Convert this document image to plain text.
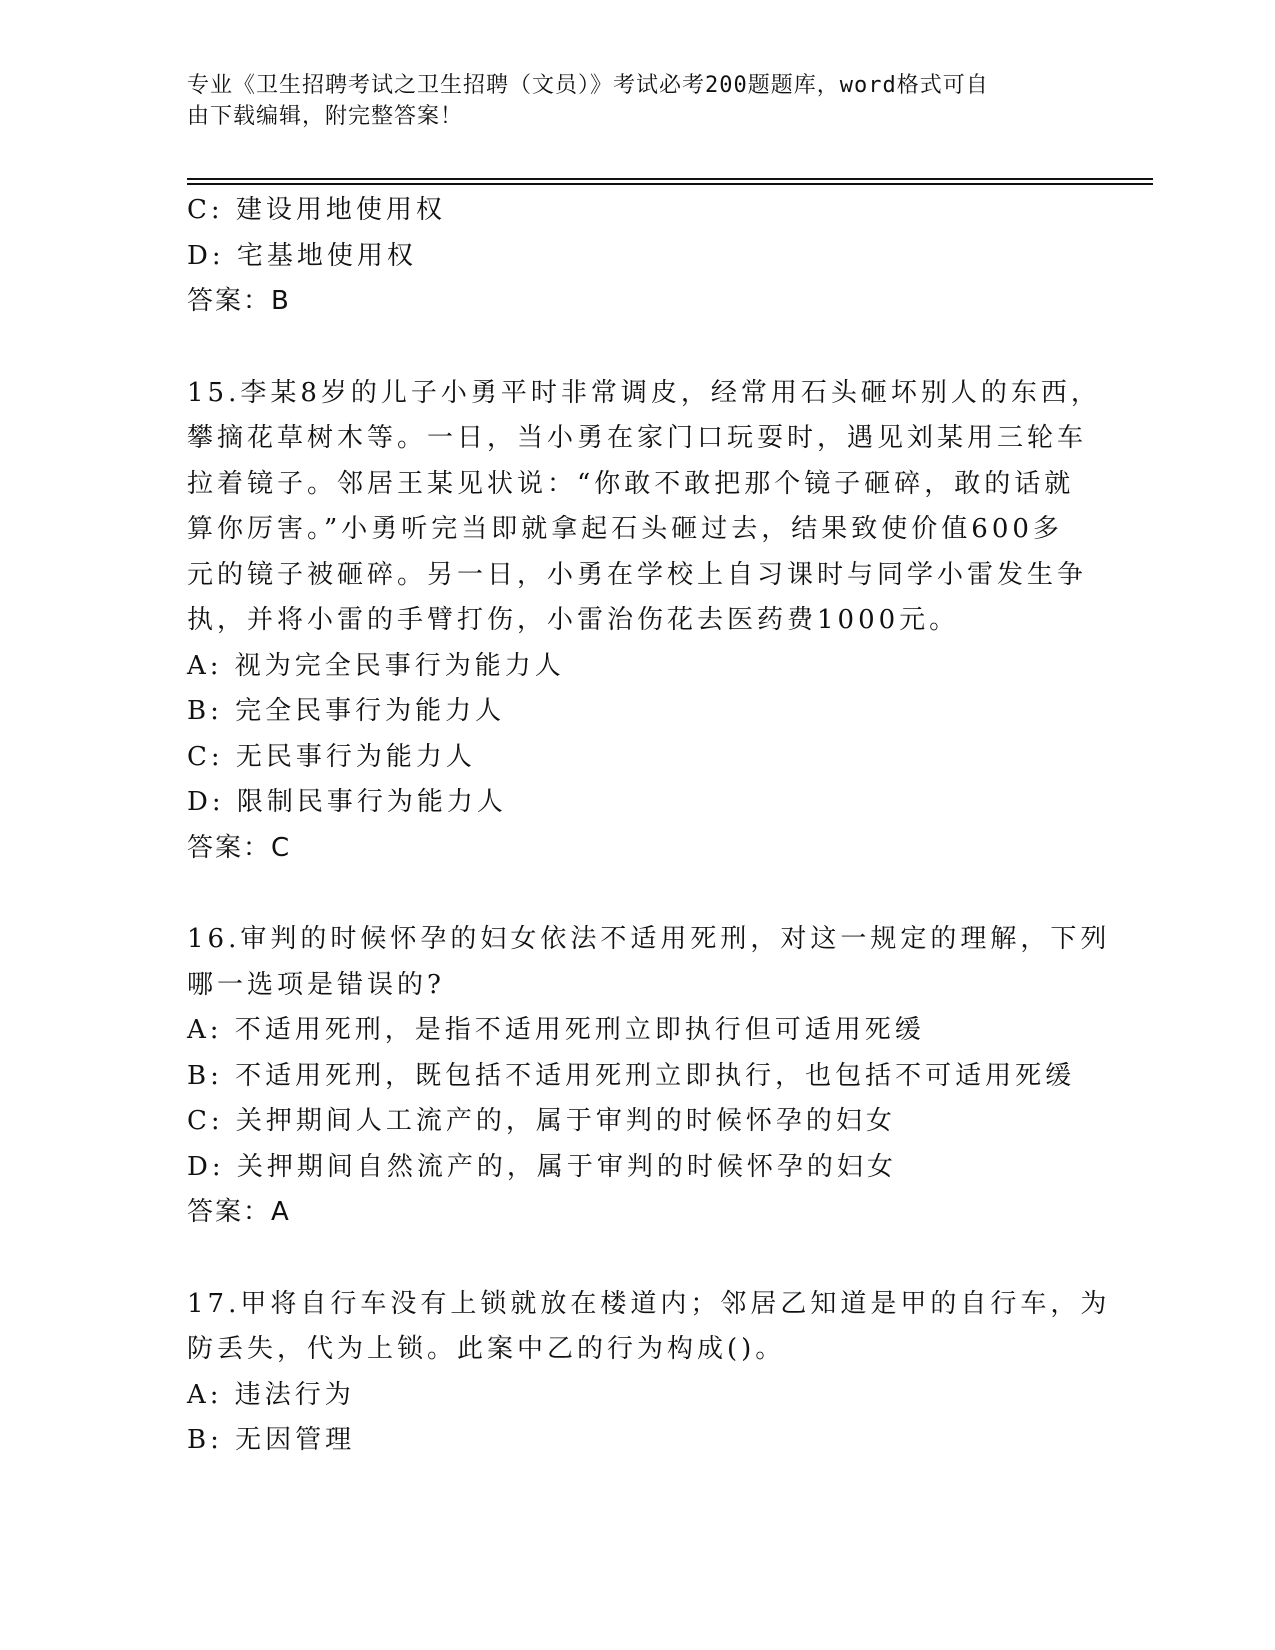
专业《卫生招聘考试之卫生招聘（文员）》考试必考200题题库，word格式可自
由下载编辑，附完整答案！
C: 建设用地使用权
D: 宅基地使用权
答案：B
15.李某8岁的儿子小勇平时非常调皮，经常用石头砸坏别人的东西，
攀摘花草树木等。一日，当小勇在家门口玩耍时，遇见刘某用三轮车
拉着镜子。邻居王某见状说：“你敢不敢把那个镜子砸碎，敢的话就
算你厉害。”小勇听完当即就拿起石头砸过去，结果致使价值600多
元的镜子被砸碎。另一日，小勇在学校上自习课时与同学小雷发生争
执，并将小雷的手臂打伤，小雷治伤花去医药费1000元。
A: 视为完全民事行为能力人
B: 完全民事行为能力人
C: 无民事行为能力人
D: 限制民事行为能力人
答案：C
16.审判的时候怀孕的妇女依法不适用死刑，对这一规定的理解，下列
哪一选项是错误的?
A: 不适用死刑，是指不适用死刑立即执行但可适用死缓
B: 不适用死刑，既包括不适用死刑立即执行，也包括不可适用死缓
C: 关押期间人工流产的，属于审判的时候怀孕的妇女
D: 关押期间自然流产的，属于审判的时候怀孕的妇女
答案：A
17.甲将自行车没有上锁就放在楼道内；邻居乙知道是甲的自行车，为
防丢失，代为上锁。此案中乙的行为构成()。
A: 违法行为
B: 无因管理
